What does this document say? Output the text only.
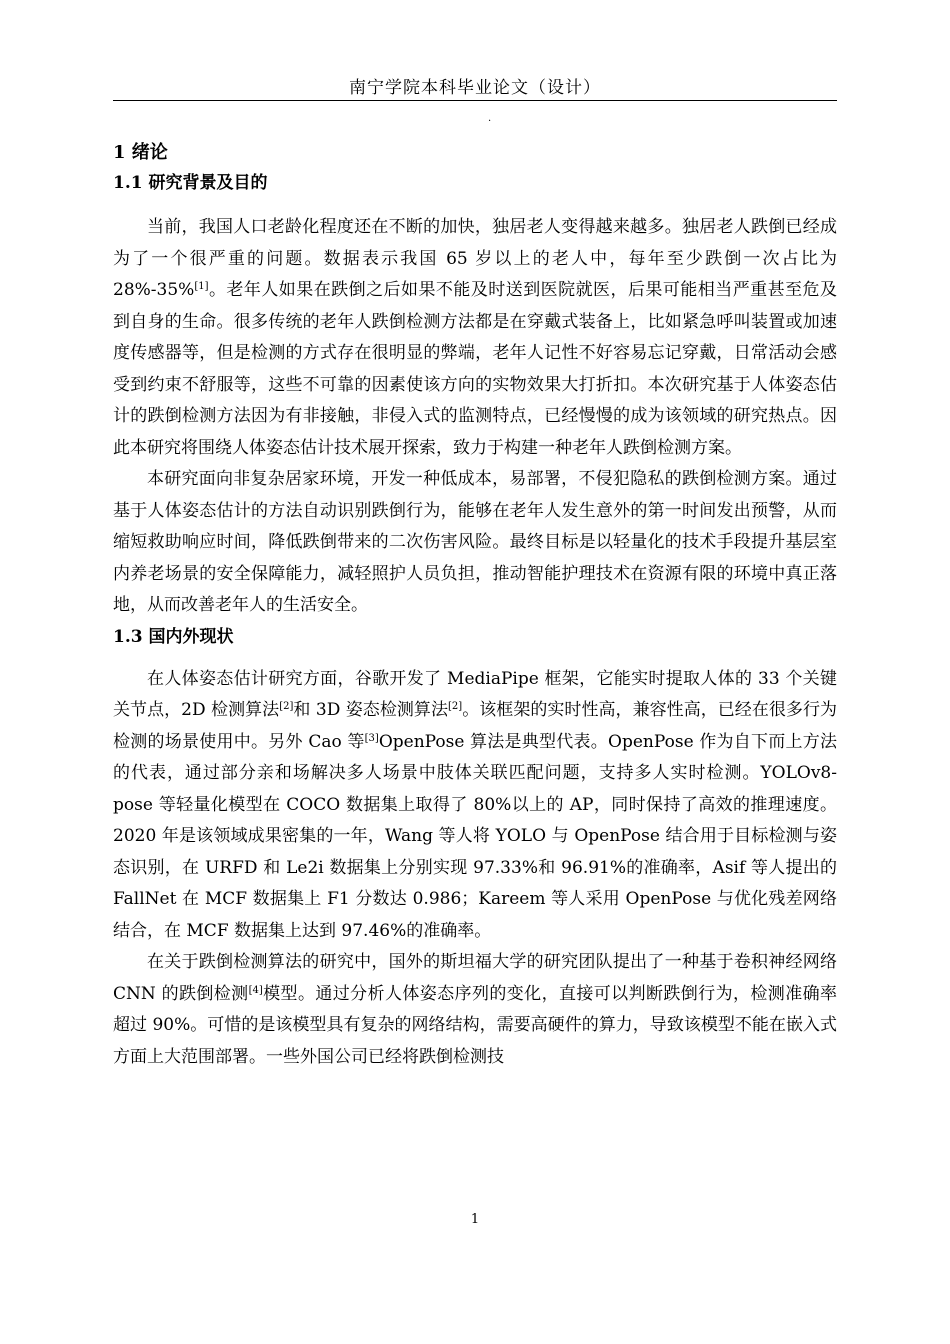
南宁学院本科毕业论文（设计）
.
1 绪论
1.1 研究背景及目的

当前，我国人口老龄化程度还在不断的加快，独居老人变得越来越多。独居老人跌倒已经成为了一个很严重的问题。数据表示我国 65 岁以上的老人中，每年至少跌倒一次占比为 28%-35%[1]。老年人如果在跌倒之后如果不能及时送到医院就医，后果可能相当严重甚至危及到自身的生命。很多传统的老年人跌倒检测方法都是在穿戴式装备上，比如紧急呼叫装置或加速度传感器等，但是检测的方式存在很明显的弊端，老年人记性不好容易忘记穿戴，日常活动会感受到约束不舒服等，这些不可靠的因素使该方向的实物效果大打折扣。本次研究基于人体姿态估计的跌倒检测方法因为有非接触，非侵入式的监测特点，已经慢慢的成为该领域的研究热点。因此本研究将围绕人体姿态估计技术展开探索，致力于构建一种老年人跌倒检测方案。

本研究面向非复杂居家环境，开发一种低成本，易部署，不侵犯隐私的跌倒检测方案。通过基于人体姿态估计的方法自动识别跌倒行为，能够在老年人发生意外的第一时间发出预警，从而缩短救助响应时间，降低跌倒带来的二次伤害风险。最终目标是以轻量化的技术手段提升基层室内养老场景的安全保障能力，减轻照护人员负担，推动智能护理技术在资源有限的环境中真正落地，从而改善老年人的生活安全。

1.3 国内外现状

在人体姿态估计研究方面，谷歌开发了 MediaPipe 框架，它能实时提取人体的 33 个关键关节点，2D 检测算法[2]和 3D 姿态检测算法[2]。该框架的实时性高，兼容性高，已经在很多行为检测的场景使用中。另外 Cao 等[3]OpenPose 算法是典型代表。OpenPose 作为自下而上方法的代表，通过部分亲和场解决多人场景中肢体关联匹配问题，支持多人实时检测。YOLOv8-pose 等轻量化模型在 COCO 数据集上取得了 80%以上的 AP，同时保持了高效的推理速度。2020 年是该领域成果密集的一年，Wang 等人将 YOLO 与 OpenPose 结合用于目标检测与姿态识别，在 URFD 和 Le2i 数据集上分别实现 97.33%和 96.91%的准确率，Asif 等人提出的 FallNet 在 MCF 数据集上 F1 分数达 0.986；Kareem 等人采用 OpenPose 与优化残差网络结合，在 MCF 数据集上达到 97.46%的准确率。

在关于跌倒检测算法的研究中，国外的斯坦福大学的研究团队提出了一种基于卷积神经网络 CNN 的跌倒检测[4]模型。通过分析人体姿态序列的变化，直接可以判断跌倒行为，检测准确率超过 90%。可惜的是该模型具有复杂的网络结构，需要高硬件的算力，导致该模型不能在嵌入式方面上大范围部署。一些外国公司已经将跌倒检测技

1
